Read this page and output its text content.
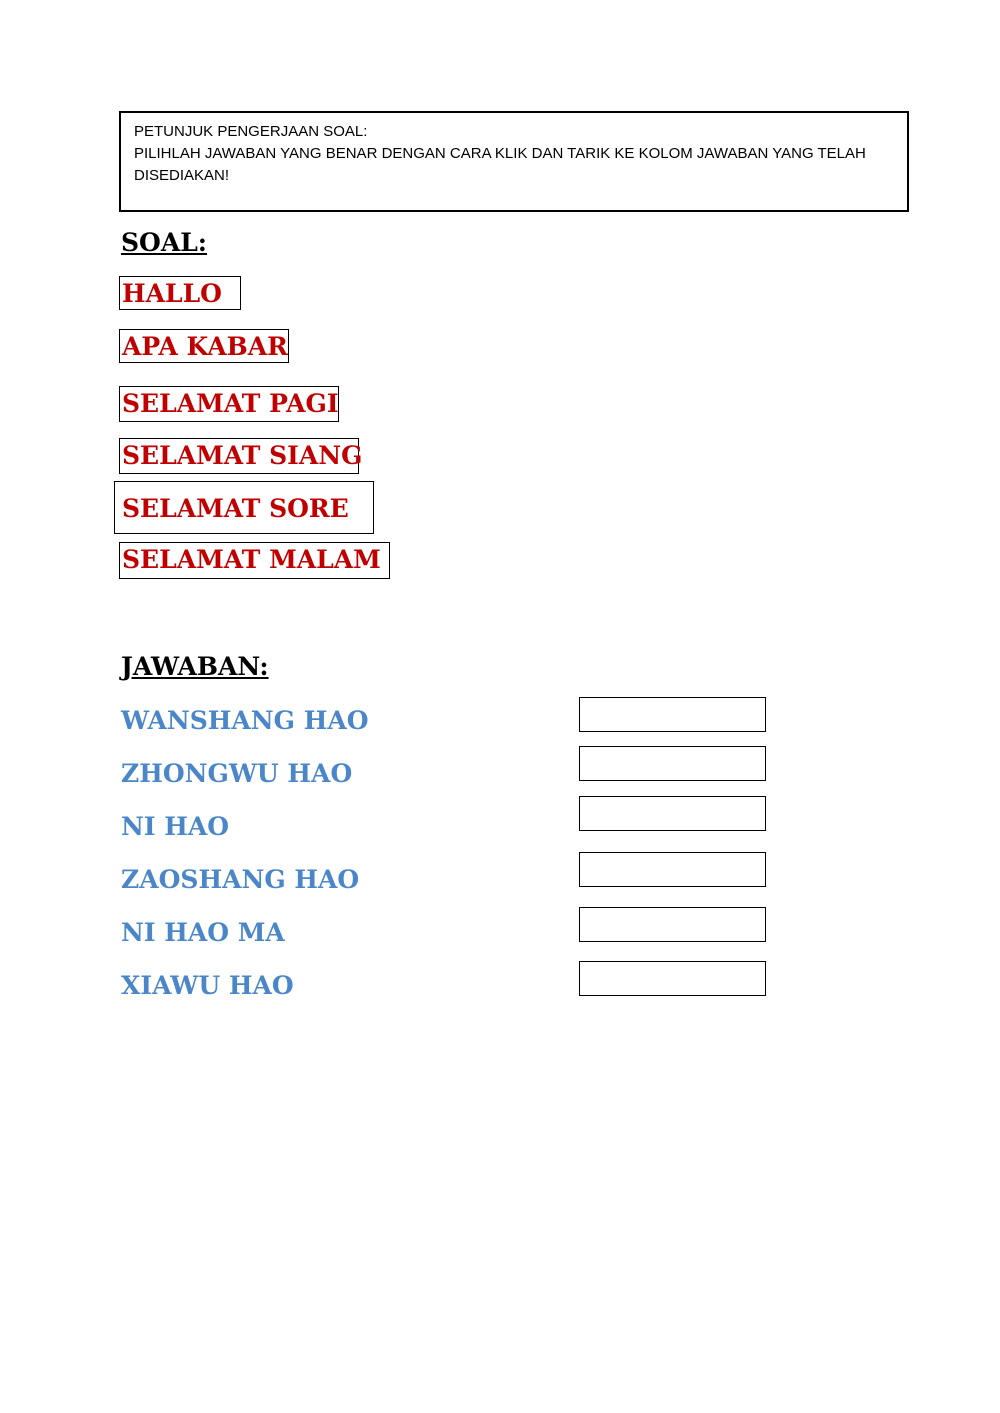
PETUNJUK PENGERJAAN SOAL:
PILIHLAH JAWABAN YANG BENAR DENGAN CARA KLIK DAN TARIK KE KOLOM JAWABAN YANG TELAH DISEDIAKAN!
SOAL:
HALLO
APA KABAR
SELAMAT PAGI
SELAMAT SIANG
SELAMAT SORE
SELAMAT MALAM
JAWABAN:
WANSHANG HAO
ZHONGWU HAO
NI HAO
ZAOSHANG HAO
NI HAO MA
XIAWU HAO
